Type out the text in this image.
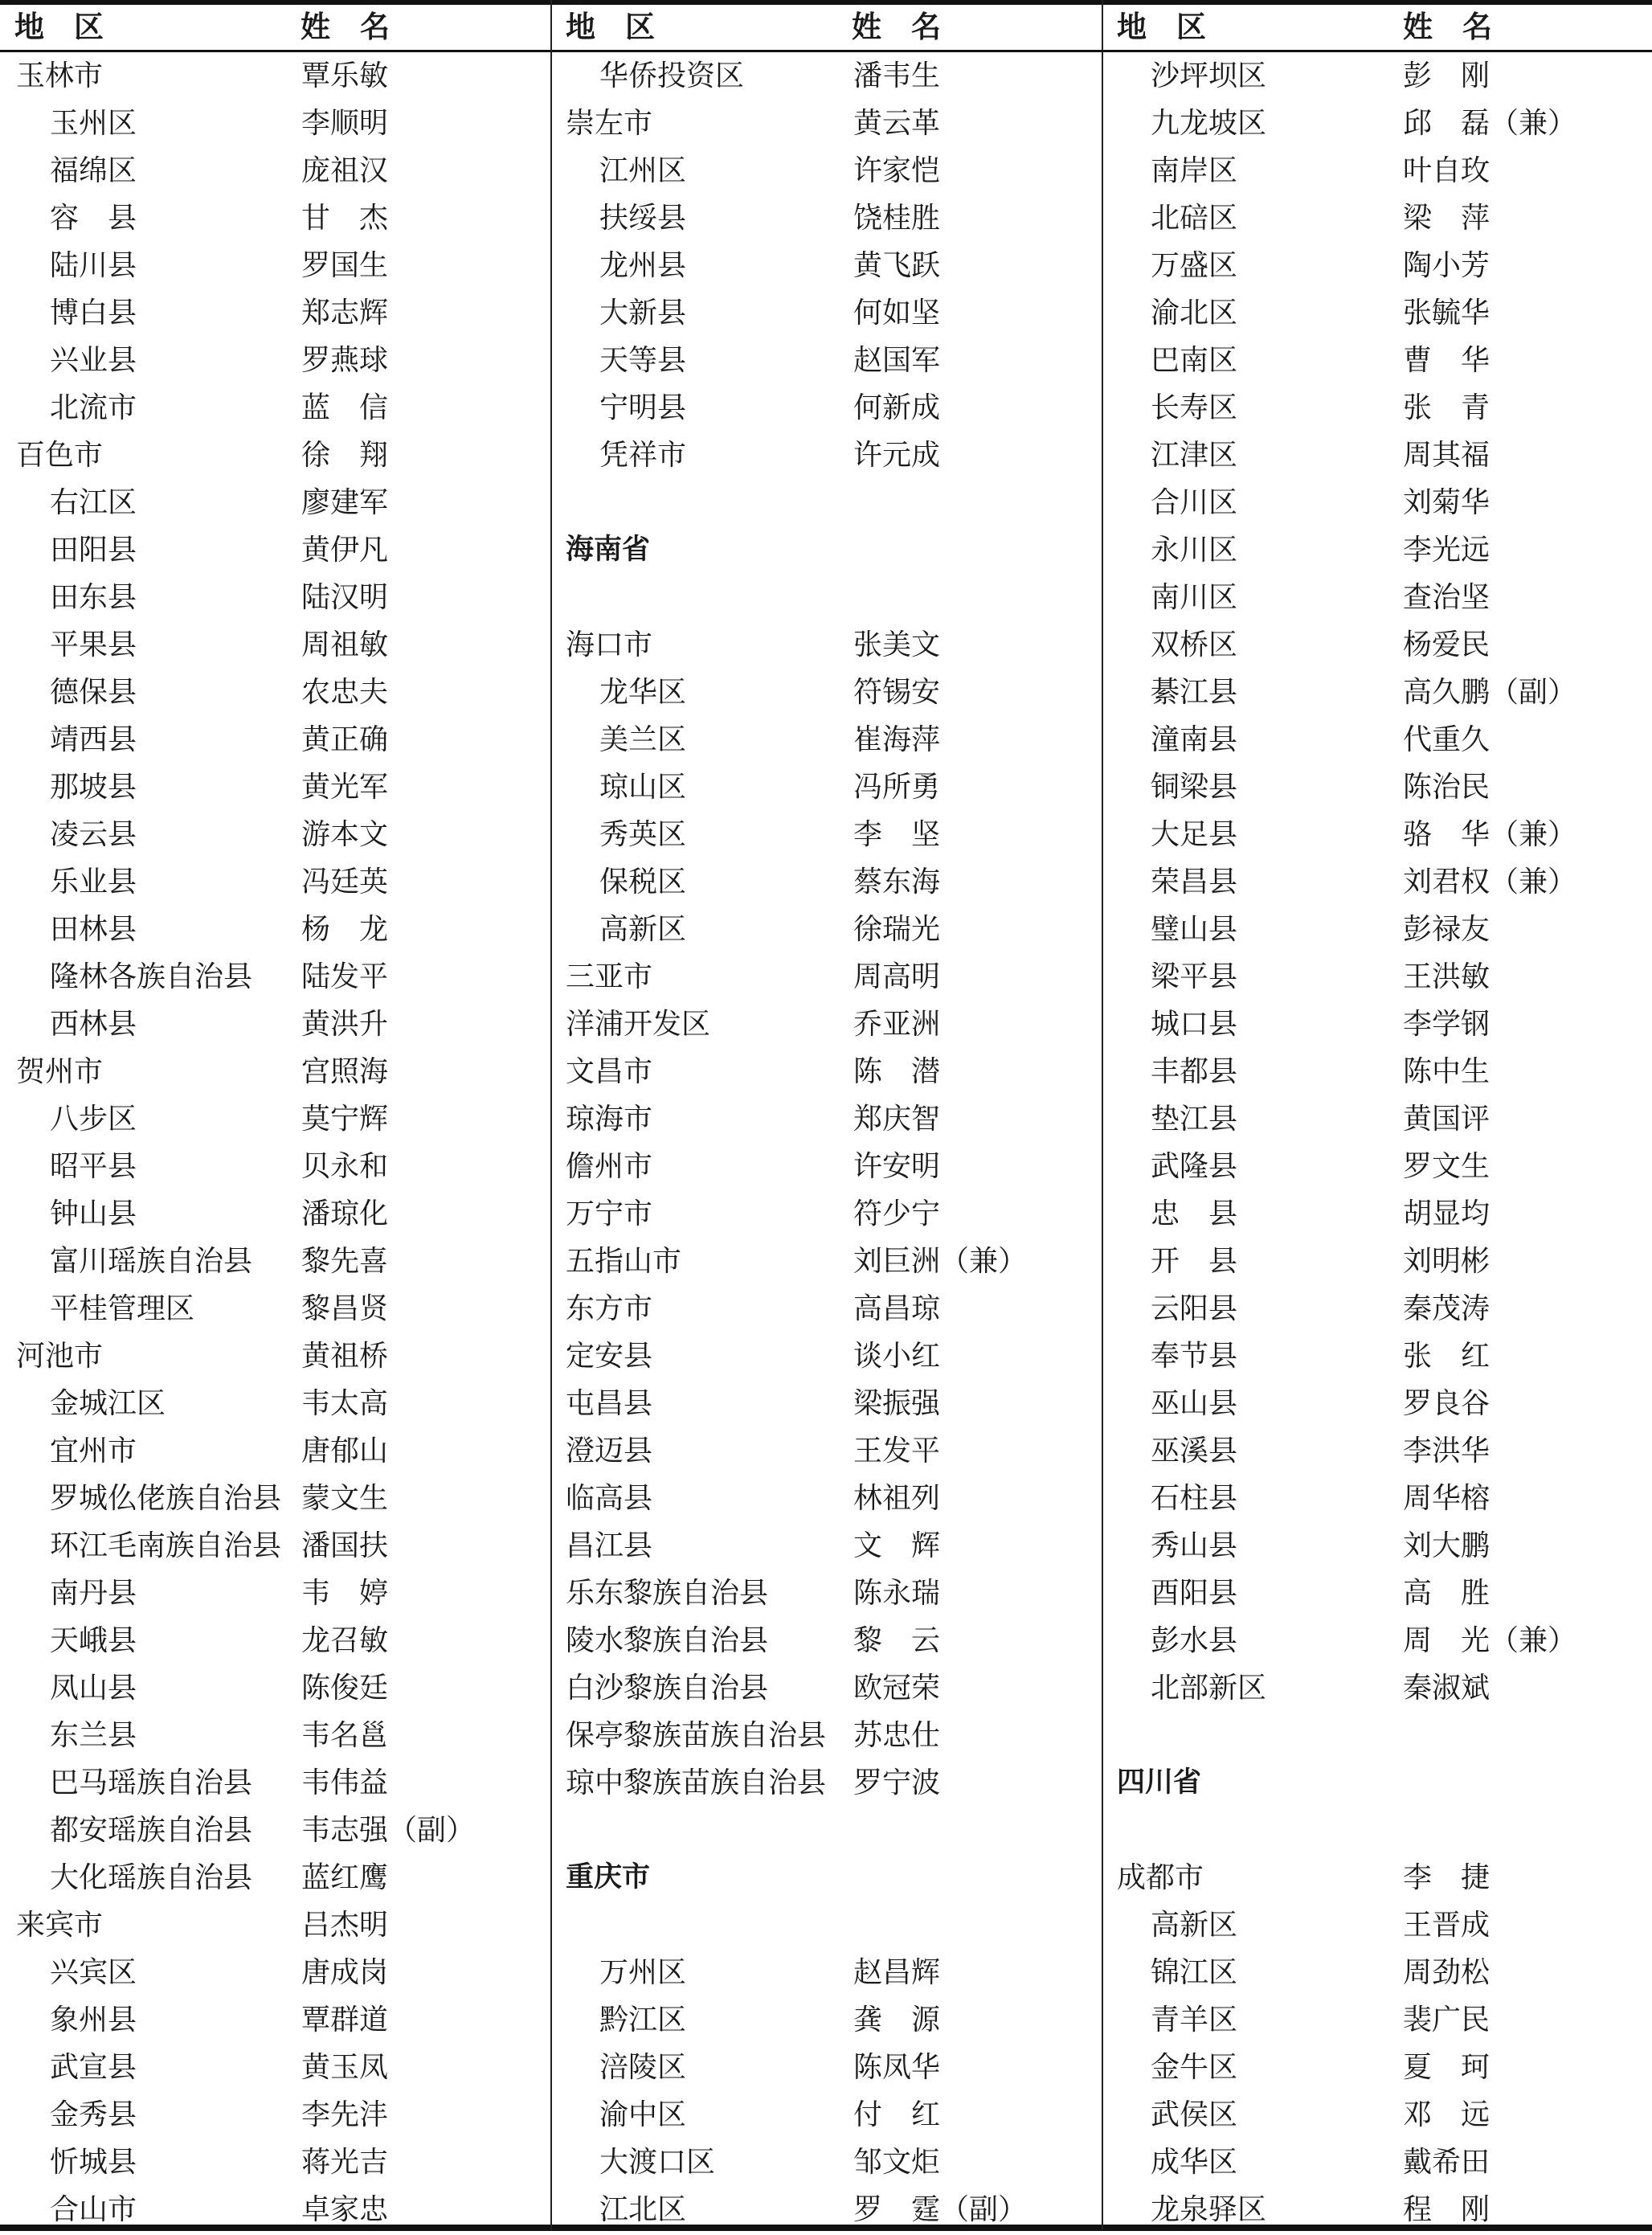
地　区	姓　名	地　区	姓　名	地　区	姓　名
玉林市	覃乐敏
玉州区	李顺明
福绵区	庞祖汉
容　县	甘　杰
陆川县	罗国生
博白县	郑志辉
兴业县	罗燕球
北流市	蓝　信
百色市	徐　翔
右江区	廖建军
田阳县	黄伊凡
田东县	陆汉明
平果县	周祖敏
德保县	农忠夫
靖西县	黄正确
那坡县	黄光军
凌云县	游本文
乐业县	冯廷英
田林县	杨　龙
隆林各族自治县 陆发平
西林县	黄洪升
贺州市	宫照海
八步区	莫宁辉
昭平县	贝永和
钟山县	潘琼化
富川瑶族自治县 黎先喜
平桂管理区	黎昌贤
河池市	黄祖桥
金城江区	韦太高
宜州市	唐郁山
罗城仫佬族自治县 蒙文生
环江毛南族自治县 潘国扶
南丹县	韦　婷
天峨县	龙召敏
凤山县	陈俊廷
东兰县	韦名邕
巴马瑶族自治县 韦伟益
都安瑶族自治县 韦志强（副）
大化瑶族自治县 蓝红鹰
来宾市	吕杰明
兴宾区	唐成岗
象州县	覃群道
武宣县	黄玉凤
金秀县	李先沣
忻城县	蒋光吉
合山市	卓家忠
华侨投资区	潘韦生
崇左市	黄云革
江州区	许家恺
扶绥县	饶桂胜
龙州县	黄飞跃
大新县	何如坚
天等县	赵国军
宁明县	何新成
凭祥市	许元成
海南省
海口市	张美文
龙华区	符锡安
美兰区	崔海萍
琼山区	冯所勇
秀英区	李　坚
保税区	蔡东海
高新区	徐瑞光
三亚市	周高明
洋浦开发区	乔亚洲
文昌市	陈　潜
琼海市	郑庆智
儋州市	许安明
万宁市	符少宁
五指山市	刘巨洲（兼）
东方市	高昌琼
定安县	谈小红
屯昌县	梁振强
澄迈县	王发平
临高县	林祖列
昌江县	文　辉
乐东黎族自治县	陈永瑞
陵水黎族自治县	黎　云
白沙黎族自治县	欧冠荣
保亭黎族苗族自治县 苏忠仕
琼中黎族苗族自治县 罗宁波
重庆市
万州区	赵昌辉
黔江区	龚　源
涪陵区	陈凤华
渝中区	付　红
大渡口区	邹文炬
江北区	罗　霆（副）
沙坪坝区	彭　刚
九龙坡区	邱　磊（兼）
南岸区	叶自玫
北碚区	梁　萍
万盛区	陶小芳
渝北区	张毓华
巴南区	曹　华
长寿区	张　青
江津区	周其福
合川区	刘菊华
永川区	李光远
南川区	查治坚
双桥区	杨爱民
綦江县	高久鹏（副）
潼南县	代重久
铜梁县	陈治民
大足县	骆　华（兼）
荣昌县	刘君权（兼）
璧山县	彭禄友
梁平县	王洪敏
城口县	李学钢
丰都县	陈中生
垫江县	黄国评
武隆县	罗文生
忠　县	胡显均
开　县	刘明彬
云阳县	秦茂涛
奉节县	张　红
巫山县	罗良谷
巫溪县	李洪华
石柱县	周华榕
秀山县	刘大鹏
酉阳县	高　胜
彭水县	周　光（兼）
北部新区	秦淑斌
四川省
成都市	李　捷
高新区	王晋成
锦江区	周劲松
青羊区	裴广民
金牛区	夏　珂
武侯区	邓　远
成华区	戴希田
龙泉驿区	程　刚
